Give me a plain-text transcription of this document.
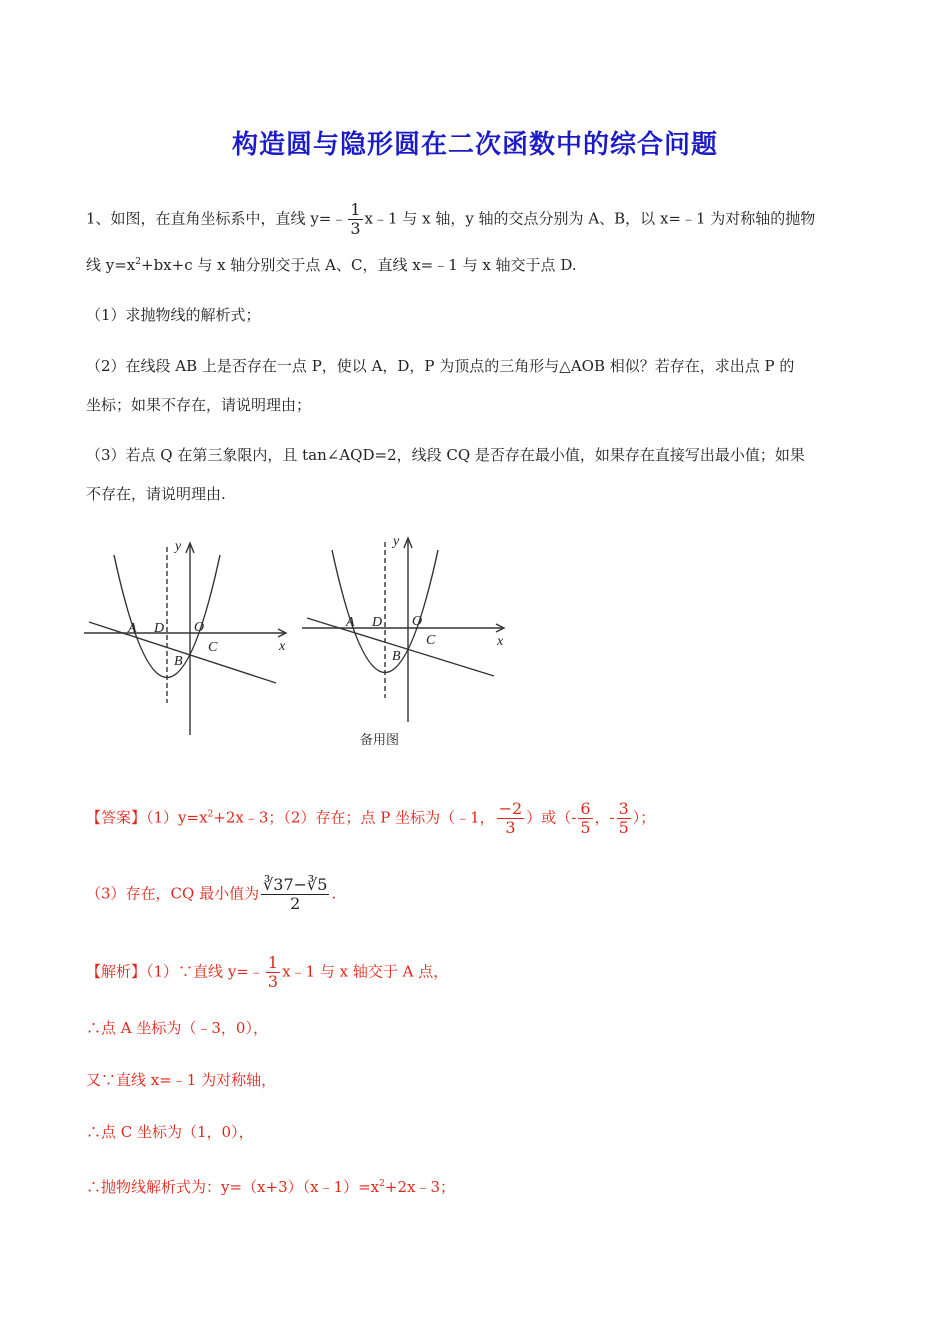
构造圆与隐形圆在二次函数中的综合问题
1、如图，在直角坐标系中，直线 y=﹣ $\frac{1}{3}$ x﹣1 与 x 轴，y 轴的交点分别为 A、B，以 x=﹣1 为对称轴的抛物
线 $y=x^2+bx+c$ 与 x 轴分别交于点 A、C，直线 x=﹣1 与 x 轴交于点 D.
（1）求抛物线的解析式；
（2）在线段 AB 上是否存在一点 P，使以 A，D，P 为顶点的三角形与△AOB 相似？若存在，求出点 P 的
坐标；如果不存在，请说明理由；
（3）若点 Q 在第三象限内，且 tan∠AQD=2，线段 CQ 是否存在最小值，如果存在直接写出最小值；如果
不存在，请说明理由.
y
x
A D O
C
B
y
x
A D O
C
B
备用图
【答案】$(1)y=x^2+2x﹣3$；（2）存在；点 P 坐标为（﹣1， $\frac{-2}{3}$ ）或（- $\frac{6}{5}$ ，- $\frac{3}{5}$ ）；
（3）存在，CQ 最小值为 $\frac{∛37-∛5}{2}$ .
【解析】（1）∵直线 y=﹣ $\frac{1}{3}$ x﹣1 与 x 轴交于 A 点，
∴点 A 坐标为（﹣3，0），
又∵直线 x=﹣1 为对称轴，
∴点 C 坐标为（1，0），
∴抛物线解析式为：$y=(x+3)(x﹣1)=x^2+2x﹣3$；
